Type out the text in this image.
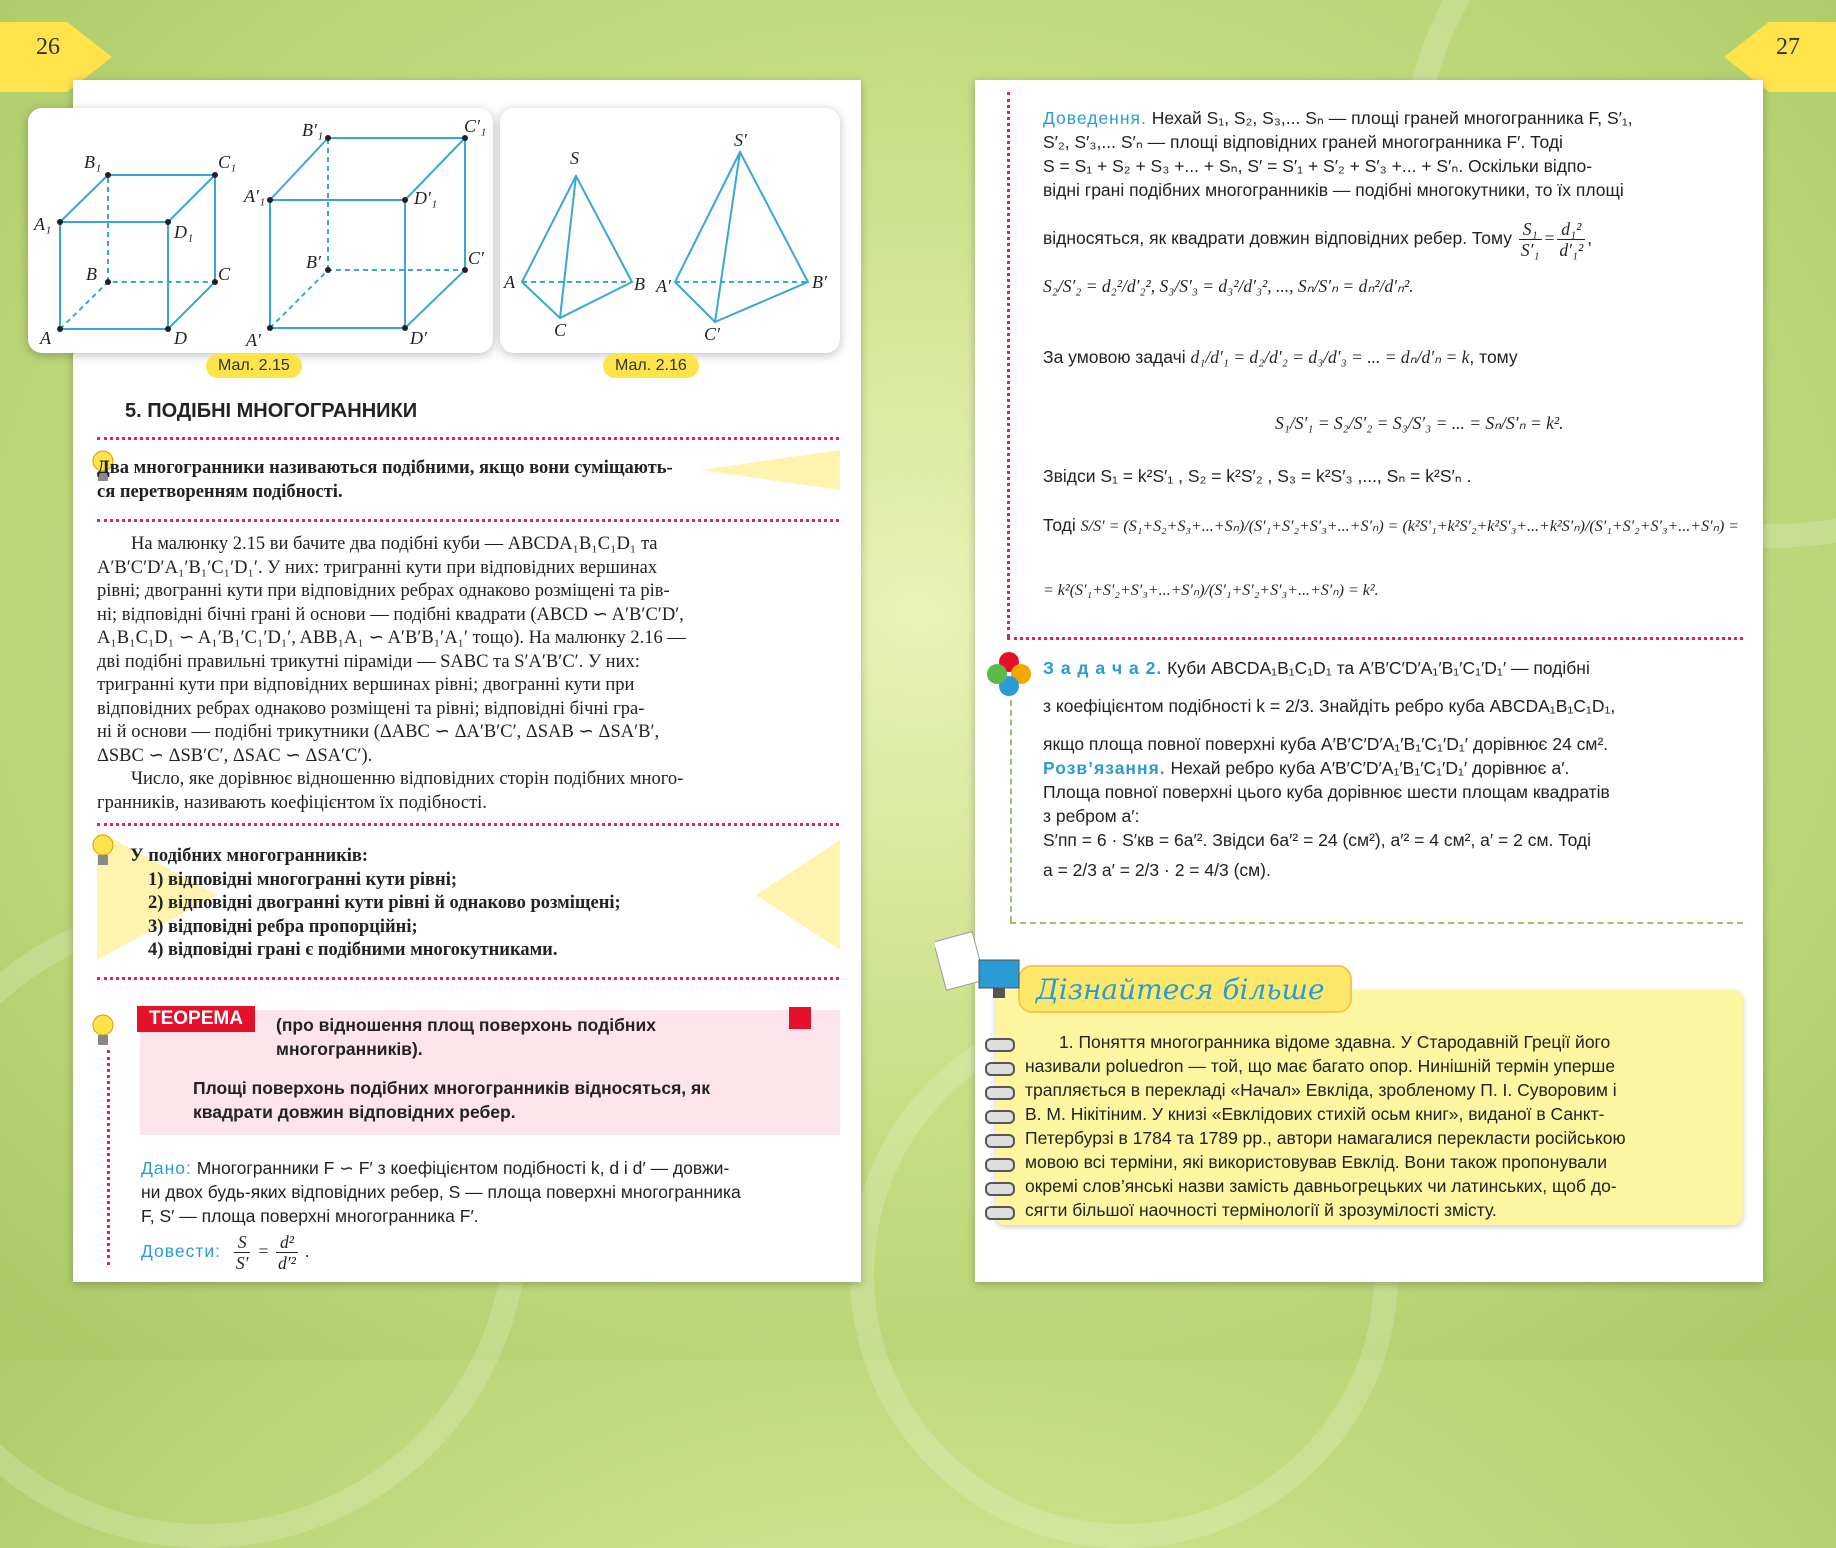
26	27
B₁	C₁
A₁	D₁
B	C
A	D
B′₁	C′₁
A′₁	D′₁
B′	C′
A′	D′
S
A	B
C
S′
A′	B′
C′
Мал. 2.15	Мал. 2.16
5. ПОДІБНІ МНОГОГРАННИКИ
Два многогранники називаються подібними, якщо вони суміщають-
ся перетворенням подібності.
На малюнку 2.15 ви бачите два подібні куби — ABCDA₁B₁C₁D₁ та
A′B′C′D′A₁′B₁′C₁′D₁′. У них: тригранні кути при відповідних вершинах
рівні; двогранні кути при відповідних ребрах однаково розміщені та рів-
ні; відповідні бічні грані й основи — подібні квадрати (ABCD ∽ A′B′C′D′,
A₁B₁C₁D₁ ∽ A₁′B₁′C₁′D₁′, ABB₁A₁ ∽ A′B′B₁′A₁′ тощо). На малюнку 2.16 —
дві подібні правильні трикутні піраміди — SABC та S′A′B′C′. У них:
тригранні кути при відповідних вершинах рівні; двогранні кути при
відповідних ребрах однаково розміщені та рівні; відповідні бічні гра-
ні й основи — подібні трикутники (ΔABC ∽ ΔA′B′C′, ΔSAB ∽ ΔSA′B′,
ΔSBC ∽ ΔSB′C′, ΔSAC ∽ ΔSA′C′).
Число, яке дорівнює відношенню відповідних сторін подібних много-
гранників, називають коефіцієнтом їх подібності.
У подібних многогранників:
1) відповідні многогранні кути рівні;
2) відповідні двогранні кути рівні й однаково розміщені;
3) відповідні ребра пропорційні;
4) відповідні грані є подібними многокутниками.
ТЕОРЕМА	(про відношення площ поверхонь подібних
многогранників).
Площі поверхонь подібних многогранників відносяться, як
квадрати довжин відповідних ребер.
Дано: Многогранники F ∽ F′ з коефіцієнтом подібності k, d і d′ — довжи-
ни двох будь-яких відповідних ребер, S — площа поверхні многогранника
F, S′ — площа поверхні многогранника F′.
Довести: $\frac{S}{S'} = \frac{\text{d²}}{\text{d′²}}$ .
Доведення. Нехай S₁, S₂, S₃,... Sₙ — площі граней многогранника F, S′₁,
S′₂, S′₃,... S′ₙ — площі відповідних граней многогранника F′. Тоді
S = S₁ + S₂ + S₃ +... + Sₙ, S′ = S′₁ + S′₂ + S′₃ +... + S′ₙ. Оскільки відпо-
відні грані подібних многогранників — подібні многокутники, то їх площі
відносяться, як квадрати довжин відповідних ребер. Тому $\frac{\text{S₁}}{\text{S′₁}} = \frac{\text{d₁²}}{\text{d′₁²}}$ ,
S₂/S′₂ = d₂²/d′₂², S₃/S′₃ = d₃²/d′₃², ..., Sₙ/S′ₙ = dₙ²/d′ₙ².
За умовою задачі d₁/d′₁ = d₂/d′₂ = d₃/d′₃ = ... = dₙ/d′ₙ = k, тому
S₁/S′₁ = S₂/S′₂ = S₃/S′₃ = ... = Sₙ/S′ₙ = k².
Звідси S₁ = k²S′₁ , S₂ = k²S′₂ , S₃ = k²S′₃ ,..., Sₙ = k²S′ₙ .
Тоді S/S′ = (S₁+S₂+S₃+...+Sₙ)/(S′₁+S′₂+S′₃+...+S′ₙ) = (k²S′₁+k²S′₂+k²S′₃+...+k²S′ₙ)/(S′₁+S′₂+S′₃+...+S′ₙ) =
= k²(S′₁+S′₂+S′₃+...+S′ₙ)/(S′₁+S′₂+S′₃+...+S′ₙ) = k².
З а д а ч а 2. Куби ABCDA₁B₁C₁D₁ та A′B′C′D′A₁′B₁′C₁′D₁′ — подібні
з коефіцієнтом подібності k = 2/3. Знайдіть ребро куба ABCDA₁B₁C₁D₁,
якщо площа повної поверхні куба A′B′C′D′A₁′B₁′C₁′D₁′ дорівнює 24 см².
Розв’язання. Нехай ребро куба A′B′C′D′A₁′B₁′C₁′D₁′ дорівнює a′.
Площа повної поверхні цього куба дорівнює шести площам квадратів
з ребром a′:
S′пп = 6 · S′кв = 6a′². Звідси 6a′² = 24 (см²), a′² = 4 см², a′ = 2 см. Тоді
a = 2/3 a′ = 2/3 · 2 = 4/3 (см).
Дізнайтеся більше
1. Поняття многогранника відоме здавна. У Стародавній Греції його
називали poluedron — той, що має багато опор. Нинішній термін уперше
трапляється в перекладі «Начал» Евкліда, зробленому П. І. Суворовим і
В. М. Нікітіним. У книзі «Евклідових стихій осьм книг», виданої в Санкт-
Петербурзі в 1784 та 1789 рр., автори намагалися перекласти російською
мовою всі терміни, які використовував Евклід. Вони також пропонували
окремі слов’янські назви замість давньогрецьких чи латинських, щоб до-
сягти більшої наочності термінології й зрозумілості змісту.
